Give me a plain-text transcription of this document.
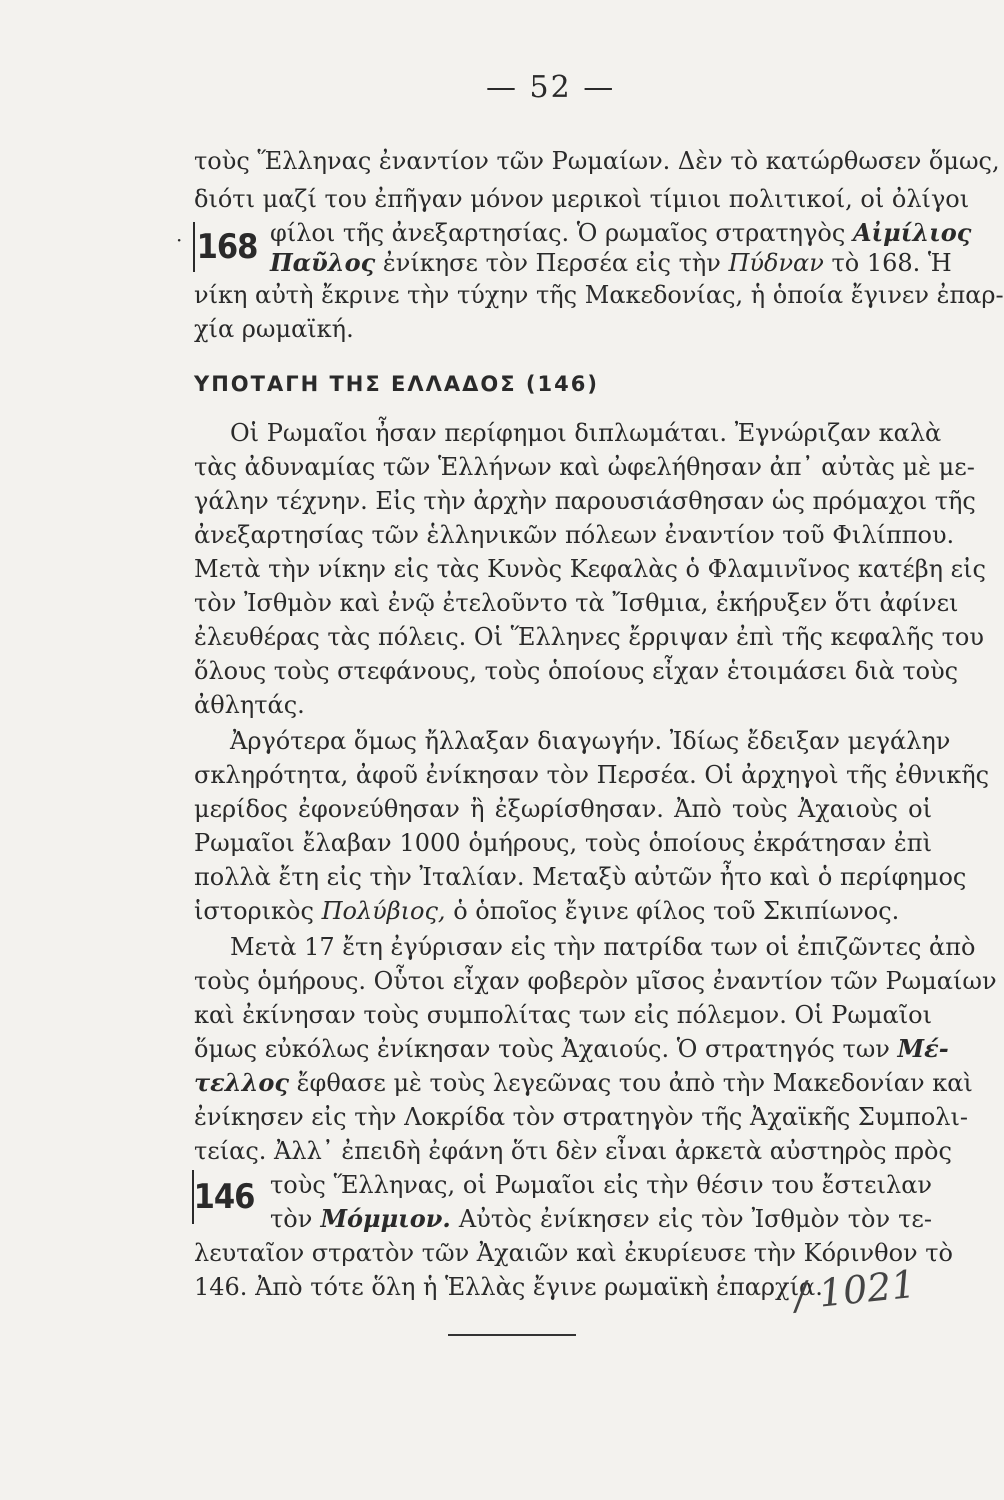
— 52 —
τοὺς Ἕλληνας ἐναντίον τῶν Ρωμαίων. Δὲν τὸ κατώρθωσεν ὅμως,
διότι μαζί του ἐπῆγαν μόνον μερικοὶ τίμιοι πολιτικοί, οἱ ὀλίγοι
· 168 φίλοι τῆς ἀνεξαρτησίας. Ὁ ρωμαῖος στρατηγὸς Αἰμίλιος
Παῦλος ἐνίκησε τὸν Περσέα εἰς τὴν Πύδναν τὸ 168. Ἡ
νίκη αὐτὴ ἔκρινε τὴν τύχην τῆς Μακεδονίας, ἡ ὁποία ἔγινεν ἐπαρ-
χία ρωμαϊκή.
ΥΠΟΤΑΓΗ ΤΗΣ ΕΛΛΑΔΟΣ (146)
Οἱ Ρωμαῖοι ἦσαν περίφημοι διπλωμάται. Ἐγνώριζαν καλὰ
τὰς ἀδυναμίας τῶν Ἑλλήνων καὶ ὠφελήθησαν ἀπ᾿ αὐτὰς μὲ με-
γάλην τέχνην. Εἰς τὴν ἀρχὴν παρουσιάσθησαν ὡς πρόμαχοι τῆς
ἀνεξαρτησίας τῶν ἑλληνικῶν πόλεων ἐναντίον τοῦ Φιλίππου.
Μετὰ τὴν νίκην εἰς τὰς Κυνὸς Κεφαλὰς ὁ Φλαμινῖνος κατέβη εἰς
τὸν Ἰσθμὸν καὶ ἐνῷ ἐτελοῦντο τὰ Ἴσθμια, ἐκήρυξεν ὅτι ἀφίνει
ἐλευθέρας τὰς πόλεις. Οἱ Ἕλληνες ἔρριψαν ἐπὶ τῆς κεφαλῆς του
ὅλους τοὺς στεφάνους, τοὺς ὁποίους εἶχαν ἑτοιμάσει διὰ τοὺς
ἀθλητάς.
Ἀργότερα ὅμως ἤλλαξαν διαγωγήν. Ἰδίως ἔδειξαν μεγάλην
σκληρότητα, ἀφοῦ ἐνίκησαν τὸν Περσέα. Οἱ ἀρχηγοὶ τῆς ἐθνικῆς
μερίδος ἐφονεύθησαν ἢ ἐξωρίσθησαν. Ἀπὸ τοὺς Ἀχαιοὺς οἱ
Ρωμαῖοι ἔλαβαν 1000 ὁμήρους, τοὺς ὁποίους ἐκράτησαν ἐπὶ
πολλὰ ἔτη εἰς τὴν Ἰταλίαν. Μεταξὺ αὐτῶν ἦτο καὶ ὁ περίφημος
ἱστορικὸς Πολύβιος, ὁ ὁποῖος ἔγινε φίλος τοῦ Σκιπίωνος.
Μετὰ 17 ἔτη ἐγύρισαν εἰς τὴν πατρίδα των οἱ ἐπιζῶντες ἀπὸ
τοὺς ὁμήρους. Οὗτοι εἶχαν φοβερὸν μῖσος ἐναντίον τῶν Ρωμαίων
καὶ ἐκίνησαν τοὺς συμπολίτας των εἰς πόλεμον. Οἱ Ρωμαῖοι
ὅμως εὐκόλως ἐνίκησαν τοὺς Ἀχαιούς. Ὁ στρατηγός των Μέ-
τελλος ἔφθασε μὲ τοὺς λεγεῶνας του ἀπὸ τὴν Μακεδονίαν καὶ
ἐνίκησεν εἰς τὴν Λοκρίδα τὸν στρατηγὸν τῆς Ἀχαϊκῆς Συμπολι-
τείας. Ἀλλ᾿ ἐπειδὴ ἐφάνη ὅτι δὲν εἶναι ἀρκετὰ αὐστηρὸς πρὸς
146 τοὺς Ἕλληνας, οἱ Ρωμαῖοι εἰς τὴν θέσιν του ἔστειλαν
τὸν Μόμμιον. Αὐτὸς ἐνίκησεν εἰς τὸν Ἰσθμὸν τὸν τε-
λευταῖον στρατὸν τῶν Ἀχαιῶν καὶ ἐκυρίευσε τὴν Κόρινθον τὸ
146. Ἀπὸ τότε ὅλη ἡ Ἑλλὰς ἔγινε ρωμαϊκὴ ἐπαρχία.
/ 1021
